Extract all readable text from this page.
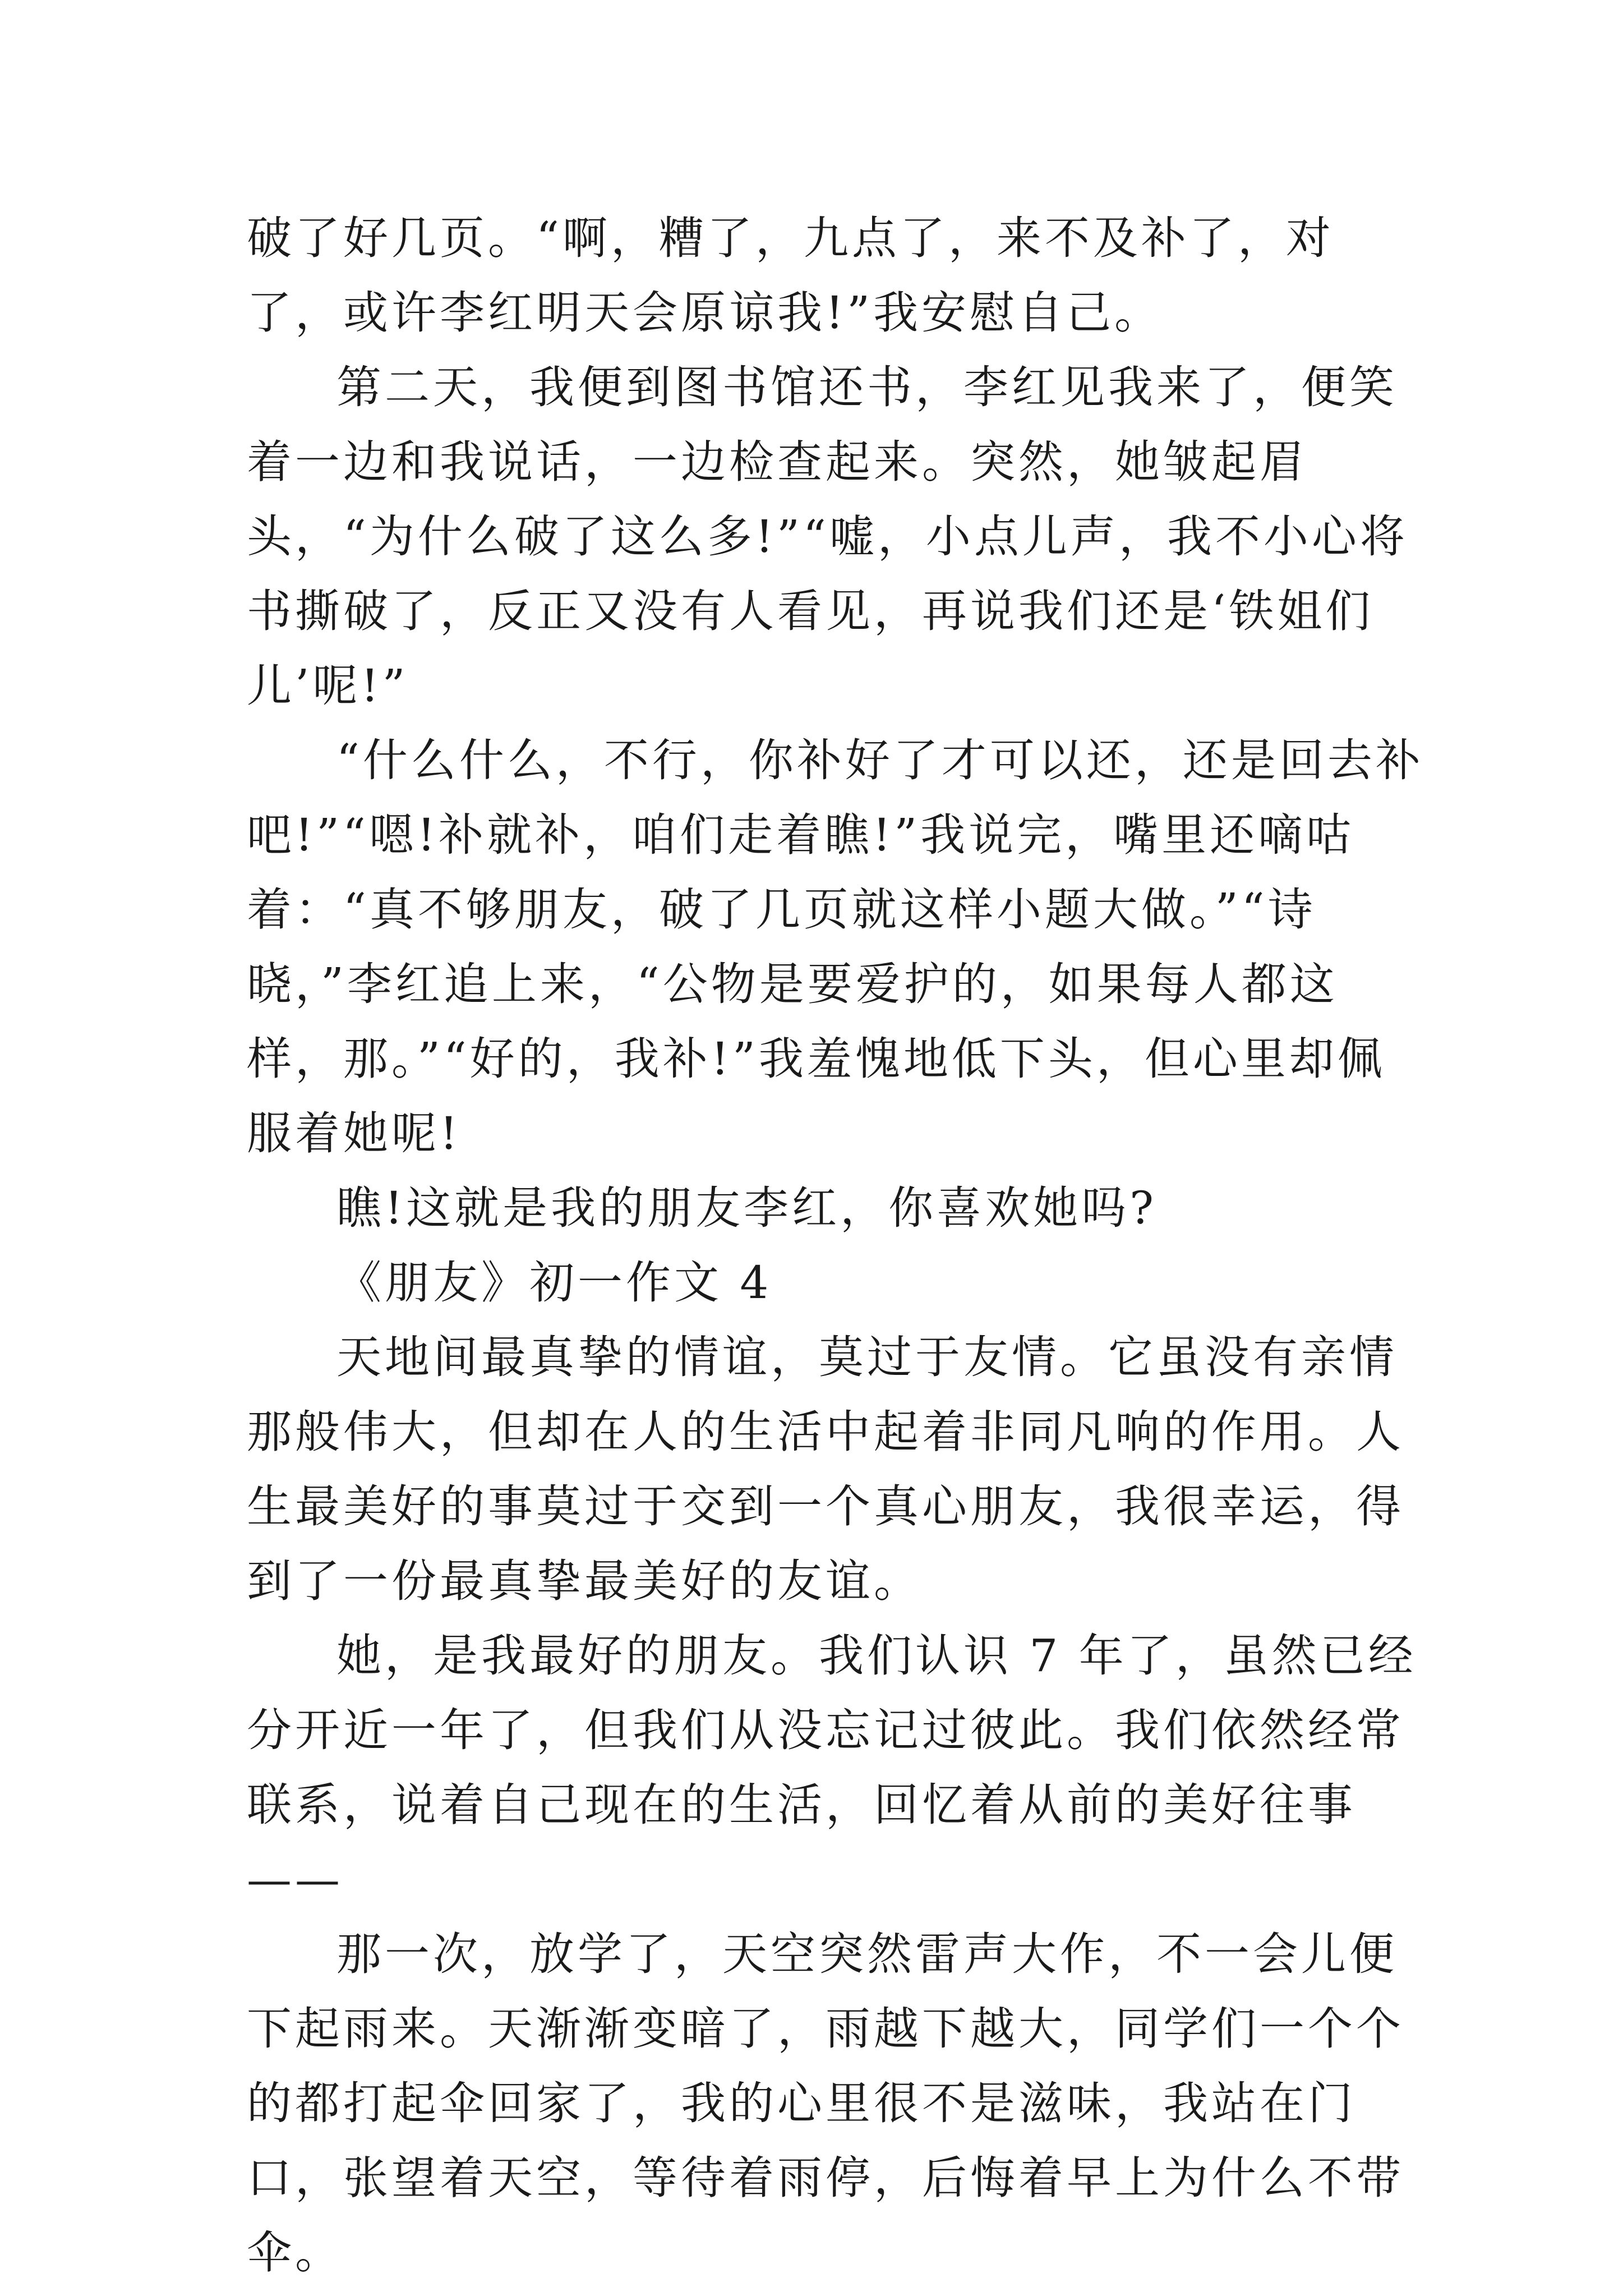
破了好几页。“啊，糟了，九点了，来不及补了，对了，或许李红明天会原谅我!”我安慰自己。

第二天，我便到图书馆还书，李红见我来了，便笑着一边和我说话，一边检查起来。突然，她皱起眉头，“为什么破了这么多!”“嘘，小点儿声，我不小心将书撕破了，反正又没有人看见，再说我们还是‘铁姐们儿’呢!”

“什么什么，不行，你补好了才可以还，还是回去补吧!”“嗯!补就补，咱们走着瞧!”我说完，嘴里还嘀咕着：“真不够朋友，破了几页就这样小题大做。”“诗晓，”李红追上来，“公物是要爱护的，如果每人都这样，那。”“好的，我补!”我羞愧地低下头，但心里却佩服着她呢!

瞧!这就是我的朋友李红，你喜欢她吗?

《朋友》初一作文 4

天地间最真挚的情谊，莫过于友情。它虽没有亲情那般伟大，但却在人的生活中起着非同凡响的作用。人生最美好的事莫过于交到一个真心朋友，我很幸运，得到了一份最真挚最美好的友谊。

她，是我最好的朋友。我们认识 7 年了，虽然已经分开近一年了，但我们从没忘记过彼此。我们依然经常联系，说着自己现在的生活，回忆着从前的美好往事——

那一次，放学了，天空突然雷声大作，不一会儿便下起雨来。天渐渐变暗了，雨越下越大，同学们一个个的都打起伞回家了，我的心里很不是滋味，我站在门口，张望着天空，等待着雨停，后悔着早上为什么不带伞。
